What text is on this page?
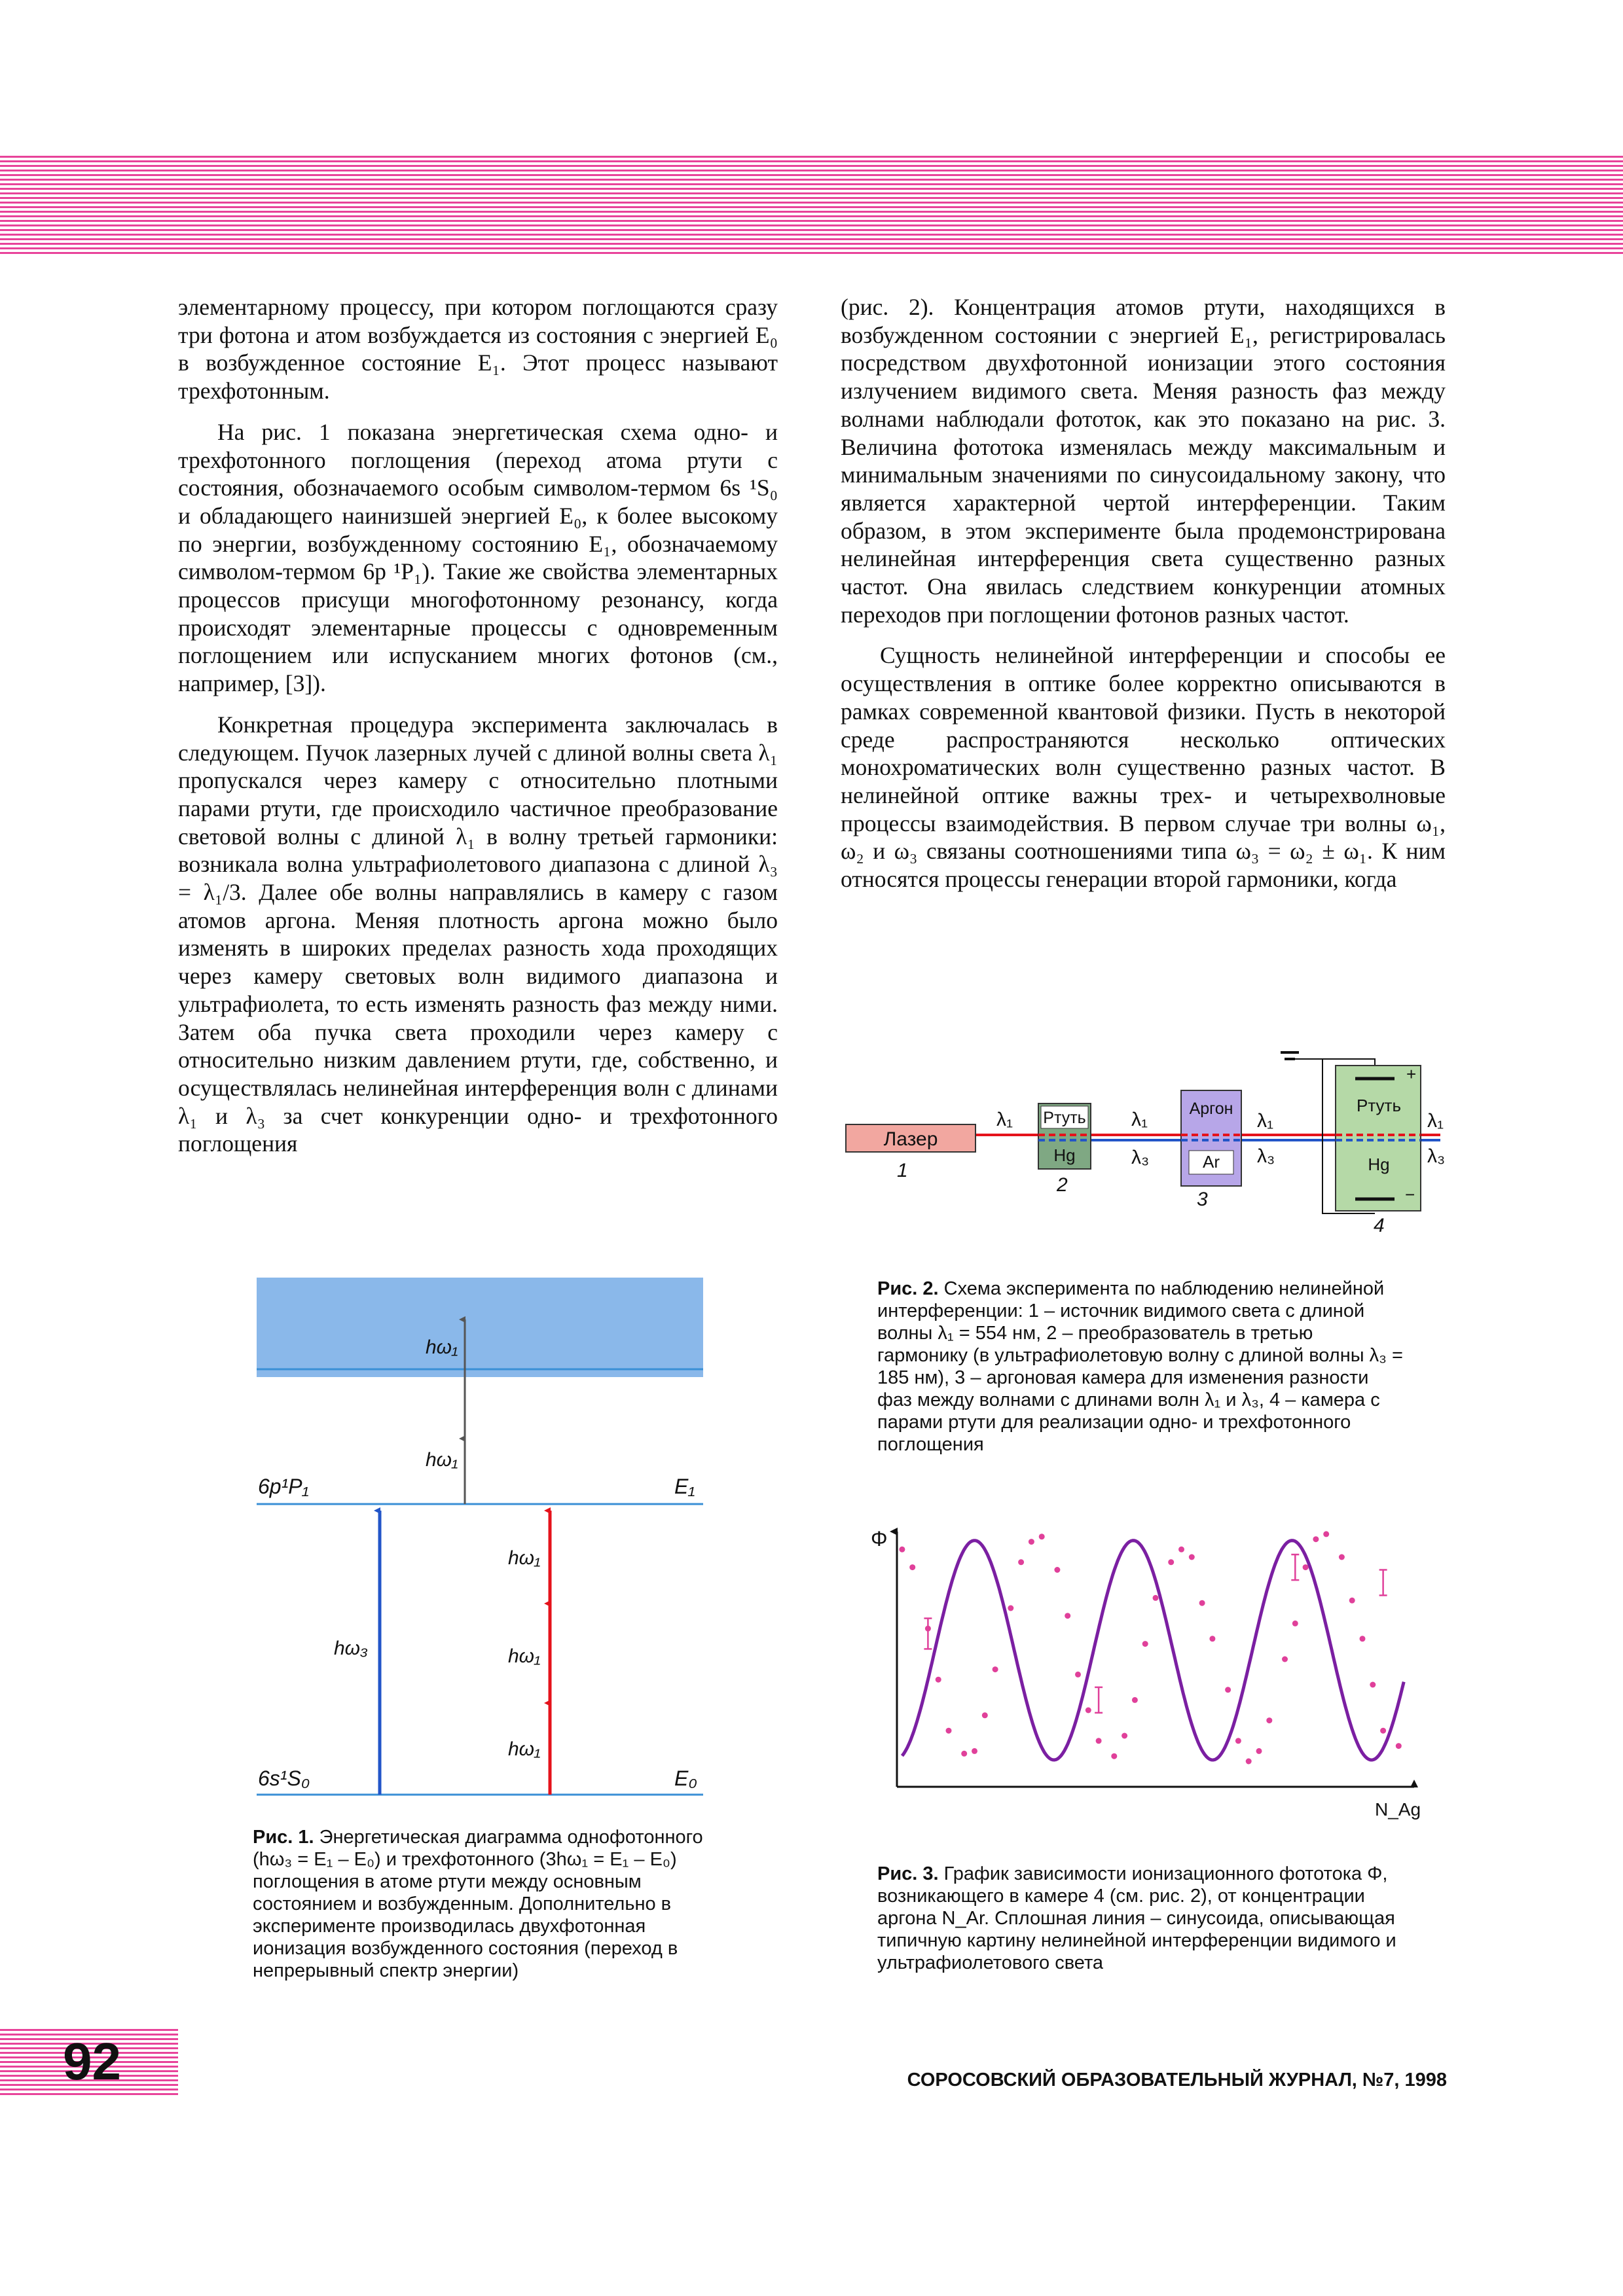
элементарному процессу, при котором поглощаются сразу три фотона и атом возбуждается из состояния с энергией E₀ в возбужденное состояние E₁. Этот процесс называют трехфотонным.

На рис. 1 показана энергетическая схема одно- и трехфотонного поглощения (переход атома ртути с состояния, обозначаемого особым символом-термом 6s ¹S₀ и обладающего наинизшей энергией E₀, к более высокому по энергии, возбужденному состоянию E₁, обозначаемому символом-термом 6p ¹P₁). Такие же свойства элементарных процессов присущи многофотонному резонансу, когда происходят элементарные процессы с одновременным поглощением или испусканием многих фотонов (см., например, [3]).

Конкретная процедура эксперимента заключалась в следующем. Пучок лазерных лучей с длиной волны света λ₁ пропускался через камеру с относительно плотными парами ртути, где происходило частичное преобразование световой волны с длиной λ₁ в волну третьей гармоники: возникала волна ультрафиолетового диапазона с длиной λ₃ = λ₁/3. Далее обе волны направлялись в камеру с газом атомов аргона. Меняя плотность аргона можно было изменять в широких пределах разность хода проходящих через камеру световых волн видимого диапазона и ультрафиолета, то есть изменять разность фаз между ними. Затем оба пучка света проходили через камеру с относительно низким давлением ртути, где, собственно, и осуществлялась нелинейная интерференция волн с длинами λ₁ и λ₃ за счет конкуренции одно- и трехфотонного поглощения

(рис. 2). Концентрация атомов ртути, находящихся в возбужденном состоянии с энергией E₁, регистрировалась посредством двухфотонной ионизации этого состояния излучением видимого света. Меняя разность фаз между волнами наблюдали фототок, как это показано на рис. 3. Величина фототока изменялась между максимальным и минимальным значениями по синусоидальному закону, что является характерной чертой интерференции. Таким образом, в этом эксперименте была продемонстрирована нелинейная интерференция света существенно разных частот. Она явилась следствием конкуренции атомных переходов при поглощении фотонов разных частот.

Сущность нелинейной интерференции и способы ее осуществления в оптике более корректно описываются в рамках современной квантовой физики. Пусть в некоторой среде распространяются несколько оптических монохроматических волн существенно разных частот. В нелинейной оптике важны трех- и четырехволновые процессы взаимодействия. В первом случае три волны ω₁, ω₂ и ω₃ связаны соотношениями типа ω₃ = ω₂ ± ω₁. К ним относятся процессы генерации второй гармоники, когда

hω₁
hω₁
6p¹P₁	E₁
hω₁
hω₃	hω₁
hω₁
6s¹S₀	E₀

Рис. 1. Энергетическая диаграмма однофотонного (hω₃ = E₁ – E₀) и трехфотонного (3hω₁ = E₁ – E₀) поглощения в атоме ртути между основным состоянием и возбужденным. Дополнительно в эксперименте производилась двухфотонная ионизация возбужденного состояния (переход в непрерывный спектр энергии)

Лазер
1
Ртуть
Hg
2
λ₁	λ₁
λ₃
Аргон
Ar
3
λ₁
λ₃
+
−
Ртуть
Hg
4
λ₁
λ₃

Рис. 2. Схема эксперимента по наблюдению нелинейной интерференции: 1 – источник видимого света с длиной волны λ₁ = 554 нм, 2 – преобразователь в третью гармонику (в ультрафиолетовую волну с длиной волны λ₃ = 185 нм), 3 – аргоновая камера для изменения разности фаз между волнами с длинами волн λ₁ и λ₃, 4 – камера с парами ртути для реализации одно- и трехфотонного поглощения

Φ
N_Ag

Рис. 3. График зависимости ионизационного фототока Φ, возникающего в камере 4 (см. рис. 2), от концентрации аргона N_Ar. Сплошная линия – синусоида, описывающая типичную картину нелинейной интерференции видимого и ультрафиолетового света

92	СОРОСОВСКИЙ ОБРАЗОВАТЕЛЬНЫЙ ЖУРНАЛ, №7, 1998
